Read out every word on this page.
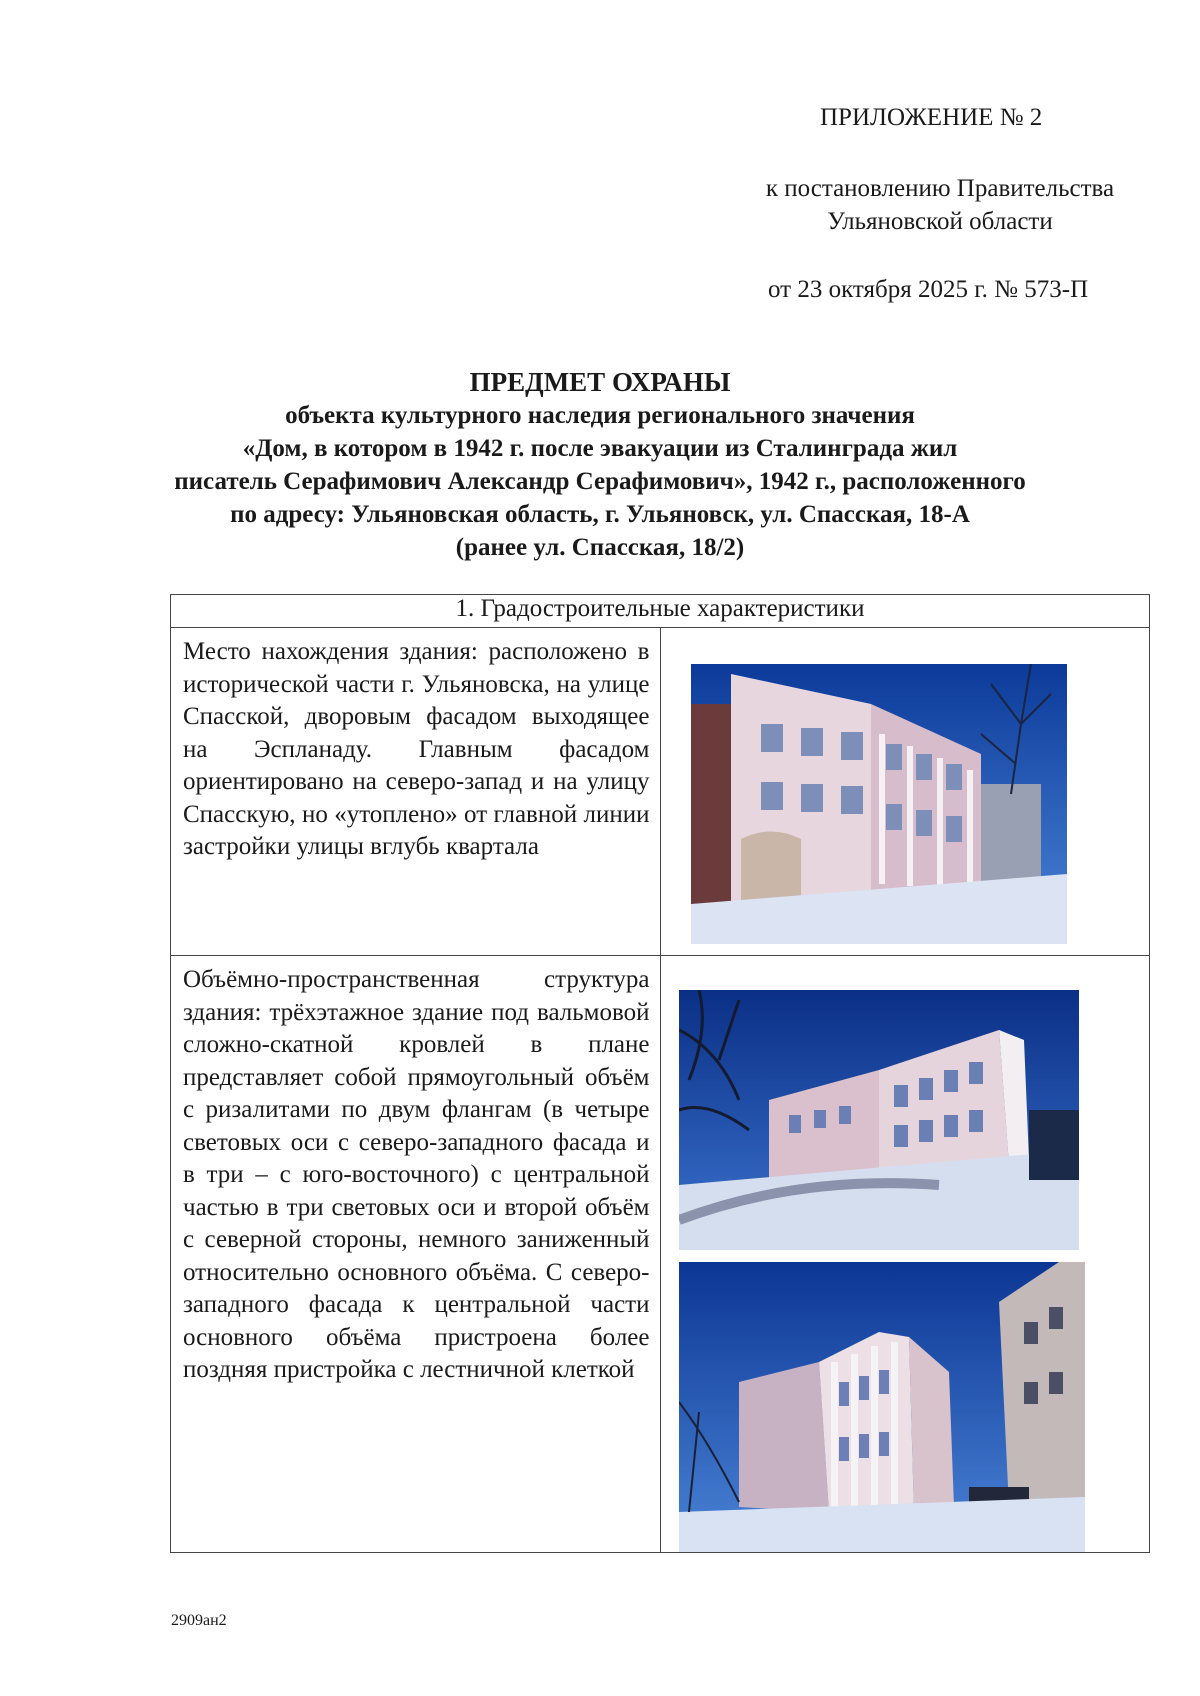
ПРИЛОЖЕНИЕ № 2
к постановлению Правительства
Ульяновской области
от 23 октября 2025 г. № 573-П
ПРЕДМЕТ ОХРАНЫ
объекта культурного наследия регионального значения
«Дом, в котором в 1942 г. после эвакуации из Сталинграда жил
писатель Серафимович Александр Серафимович», 1942 г., расположенного
по адресу: Ульяновская область, г. Ульяновск, ул. Спасская, 18-А
(ранее ул. Спасская, 18/2)
1. Градостроительные характеристики	

Место нахождения здания: расположено в исторической части г. Ульяновска, на улице Спасской, дворовым фасадом выходящее на Эспланаду. Главным фасадом ориентировано на северо-запад и на улицу Спасскую, но «утоплено» от главной линии застройки улицы вглубь квартала

Объёмно-пространственная структура здания: трёхэтажное здание под вальмовой сложно-скатной кровлей в плане представляет собой прямоугольный объём с ризалитами по двум флангам (в четыре световых оси с северо-западного фасада и в три – с юго-восточного) с центральной частью в три световых оси и второй объём с северной стороны, немного заниженный относительно основного объёма. С северо-западного фасада к центральной части основного объёма пристроена более поздняя пристройка с лестничной клеткой

2909ан2
